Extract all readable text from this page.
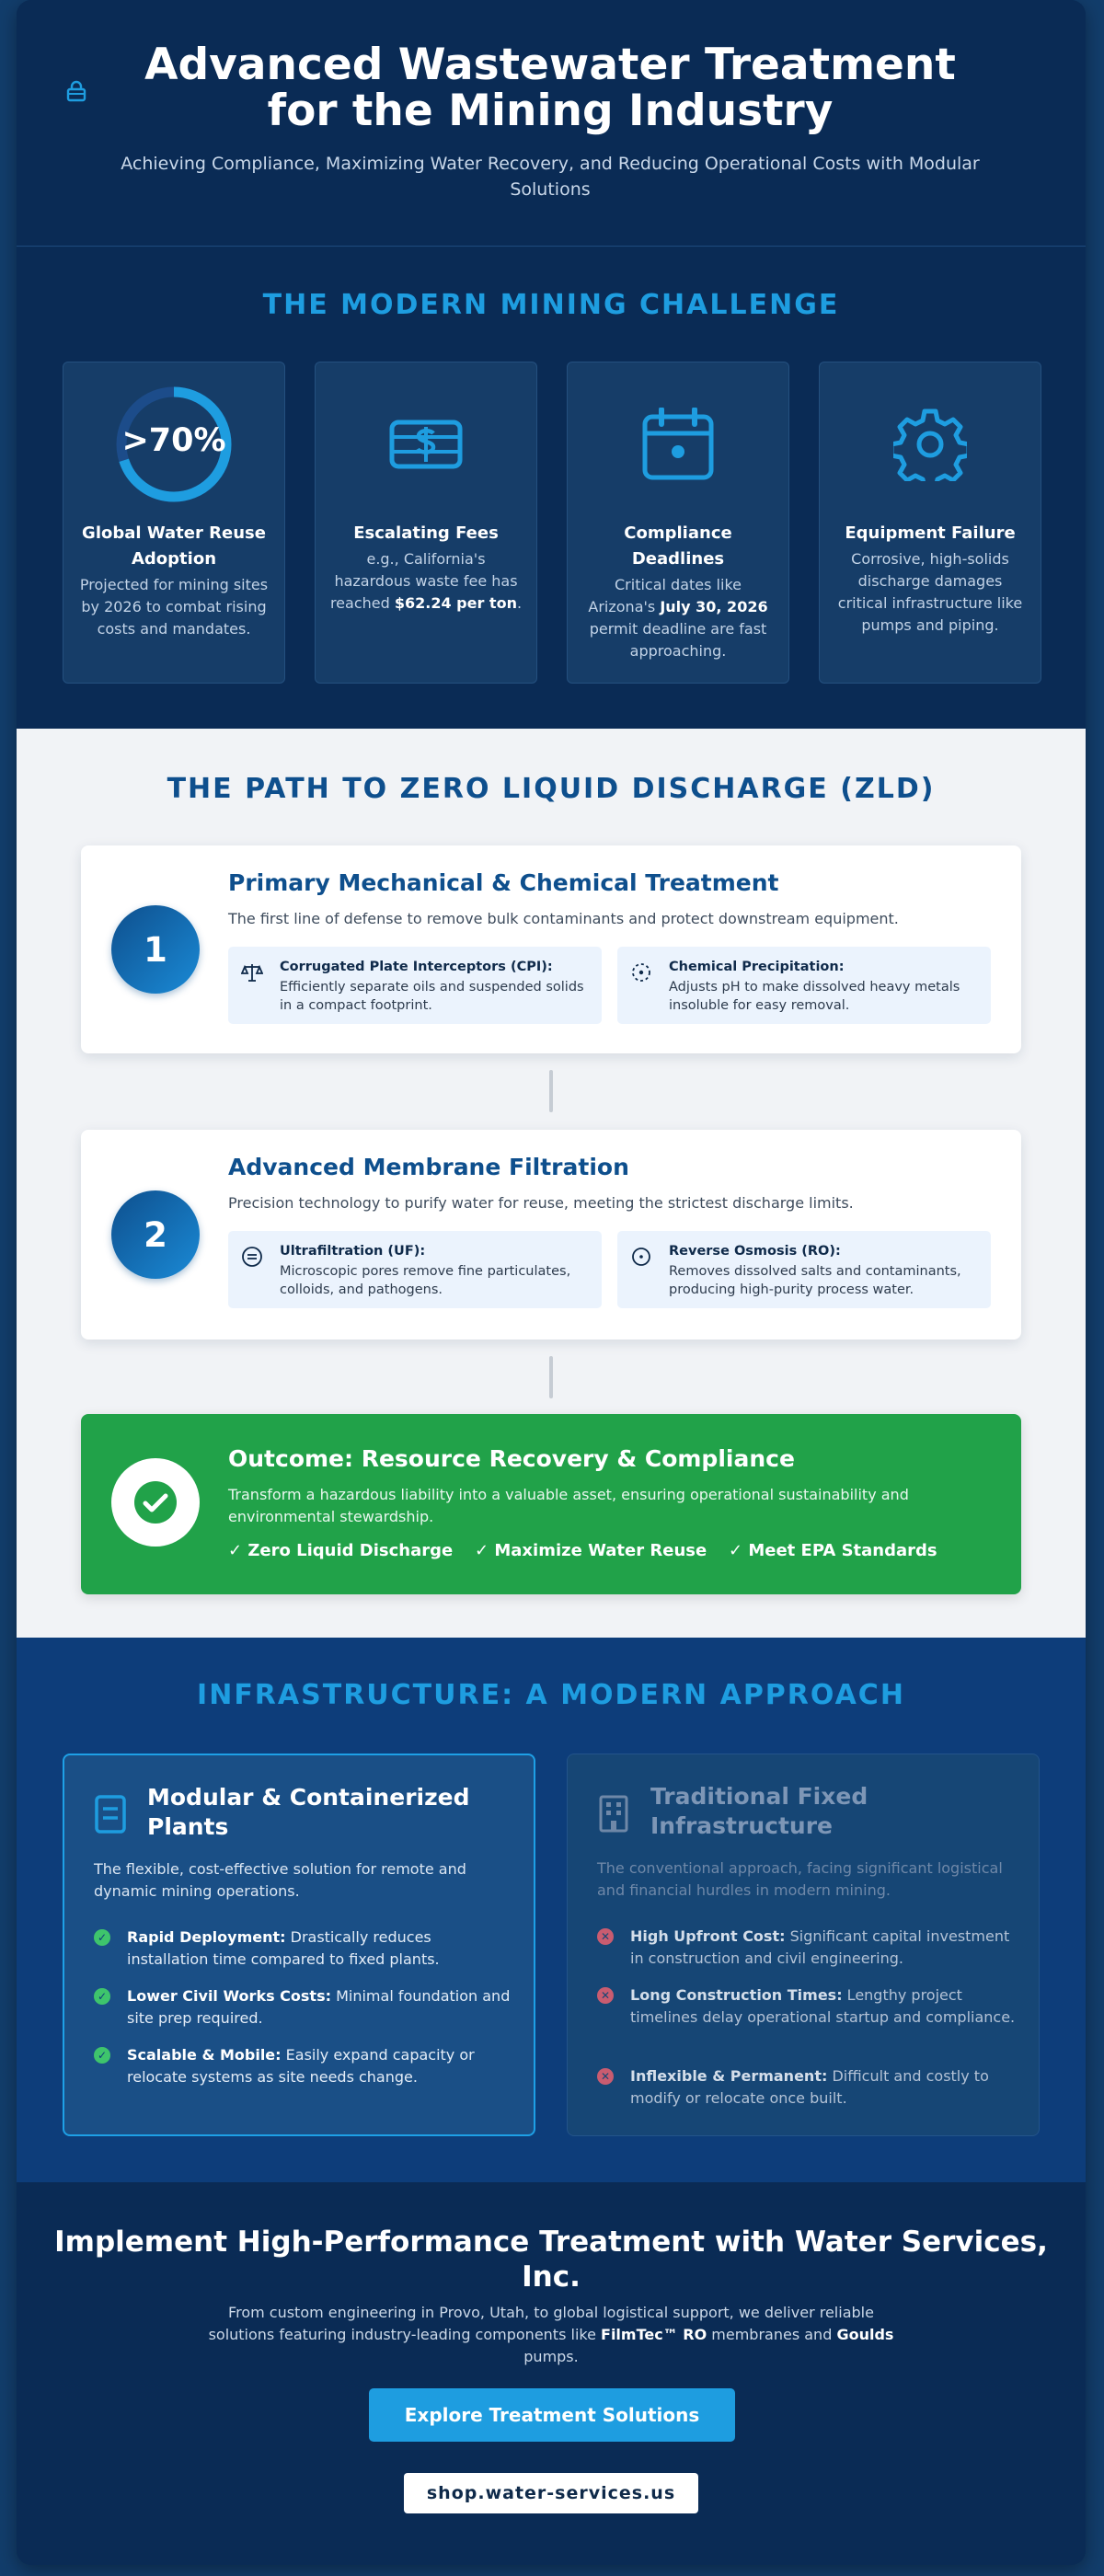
Advanced Wastewater Treatment for the Mining Industry

Achieving Compliance, Maximizing Water Recovery, and Reducing Operational Costs with Modular Solutions

THE MODERN MINING CHALLENGE
>70%
Global Water Reuse Adoption
Projected for mining sites by 2026 to combat rising costs and mandates.
Escalating Fees
e.g., California's hazardous waste fee has reached $62.24 per ton.
Compliance Deadlines
Critical dates like Arizona's July 30, 2026 permit deadline are fast approaching.
Equipment Failure
Corrosive, high-solids discharge damages critical infrastructure like pumps and piping.
THE PATH TO ZERO LIQUID DISCHARGE (ZLD)
1
Primary Mechanical & Chemical Treatment

The first line of defense to remove bulk contaminants and protect downstream equipment.

Corrugated Plate Interceptors (CPI):
Efficiently separate oils and suspended solids in a compact footprint.
Chemical Precipitation:
Adjusts pH to make dissolved heavy metals insoluble for easy removal.
2
Advanced Membrane Filtration

Precision technology to purify water for reuse, meeting the strictest discharge limits.

Ultrafiltration (UF):
Microscopic pores remove fine particulates, colloids, and pathogens.
Reverse Osmosis (RO):
Removes dissolved salts and contaminants, producing high-purity process water.
Outcome: Resource Recovery & Compliance

Transform a hazardous liability into a valuable asset, ensuring operational sustainability and environmental stewardship.

✓ Zero Liquid Discharge ✓ Maximize Water Reuse ✓ Meet EPA Standards
INFRASTRUCTURE: A MODERN APPROACH
Modular & Containerized Plants

The flexible, cost-effective solution for remote and dynamic mining operations.

✓ Rapid Deployment: Drastically reduces installation time compared to fixed plants.
✓ Lower Civil Works Costs: Minimal foundation and site prep required.
✓ Scalable & Mobile: Easily expand capacity or relocate systems as site needs change.
Traditional Fixed Infrastructure

The conventional approach, facing significant logistical and financial hurdles in modern mining.

✕ High Upfront Cost: Significant capital investment in construction and civil engineering.
✕ Long Construction Times: Lengthy project timelines delay operational startup and compliance.
✕ Inflexible & Permanent: Difficult and costly to modify or relocate once built.
Implement High-Performance Treatment with Water Services, Inc.

From custom engineering in Provo, Utah, to global logistical support, we deliver reliable solutions featuring industry-leading components like FilmTec™ RO membranes and Goulds pumps.

Explore Treatment Solutions
shop.water-services.us
